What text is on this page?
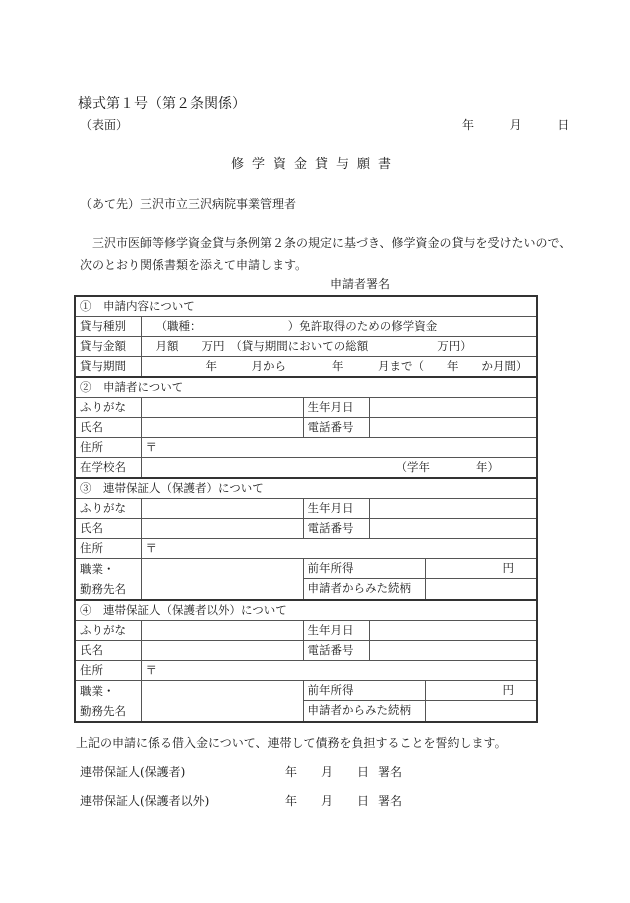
様式第１号（第２条関係）
（表面）	年	月	日
修学資金貸与願書
（あて先）三沢市立三沢病院事業管理者
三沢市医師等修学資金貸与条例第２条の規定に基づき、修学資金の貸与を受けたいので、
次のとおり関係書類を添えて申請します。
申請者署名
①　申請内容について				
貸与種別	（職種：　　　　　　　　）免許取得のための修学資金			
貸与金額	月額　　万円　（貸与期間においての総額　　　　　　万円）			
貸与期間	年　　　月から　　　　年　　　月まで（　　年　　か月間）			
②　申請者について				
ふりがな		生年月日		
氏名		電話番号		
住所	〒			
在学校名	（学年　　　　年）			
③　連帯保証人（保護者）について				
ふりがな		生年月日		
氏名		電話番号		
住所	〒			
職業・
勤務先名		前年所得		円
		申請者からみた続柄		
④　連帯保証人（保護者以外）について				
ふりがな		生年月日		
氏名		電話番号		
住所	〒			
職業・
勤務先名		前年所得		円
		申請者からみた続柄		
上記の申請に係る借入金について、連帯して債務を負担することを誓約します。
連帯保証人(保護者)	年　　月　　日 署名
連帯保証人(保護者以外)	年　　月　　日 署名
